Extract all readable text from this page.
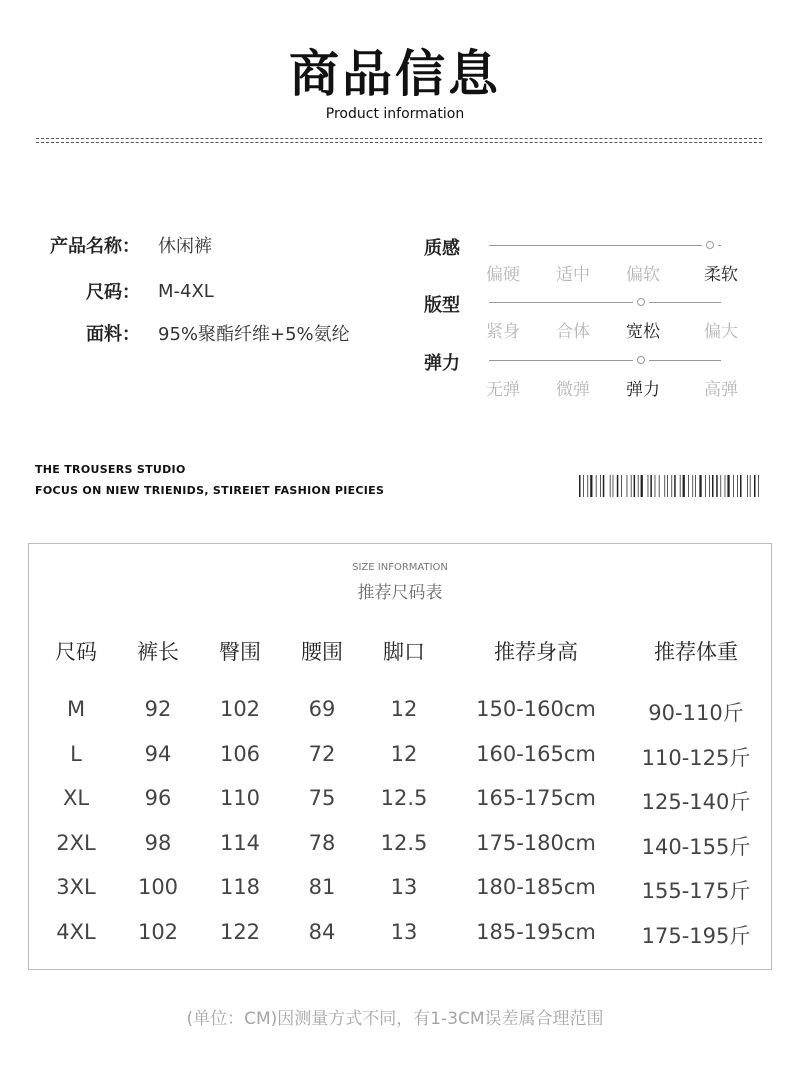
商品信息
Product information
产品名称： 休闲裤
尺码： M-4XL
面料： 95%聚酯纤维+5%氨纶
质感
偏硬 适中 偏软	柔软
版型
紧身 合体 宽松	偏大
弹力
无弹 微弹 弹力	高弹
THE TROUSERS STUDIO
FOCUS ON NIEW TRIENIDS, STIREIET FASHION PIECIES
SIZE INFORMATION
推荐尺码表
尺码	裤长	臀围	腰围	脚口	推荐身高	推荐体重
M	92	102	69	12	150-160cm	90-110斤
L	94	106	72	12	160-165cm	110-125斤
XL	96	110	75	12.5	165-175cm	125-140斤
2XL	98	114	78	12.5	175-180cm	140-155斤
3XL	100	118	81	13	180-185cm	155-175斤
4XL	102	122	84	13	185-195cm	175-195斤
(单位：CM)因测量方式不同，有1-3CM误差属合理范围
